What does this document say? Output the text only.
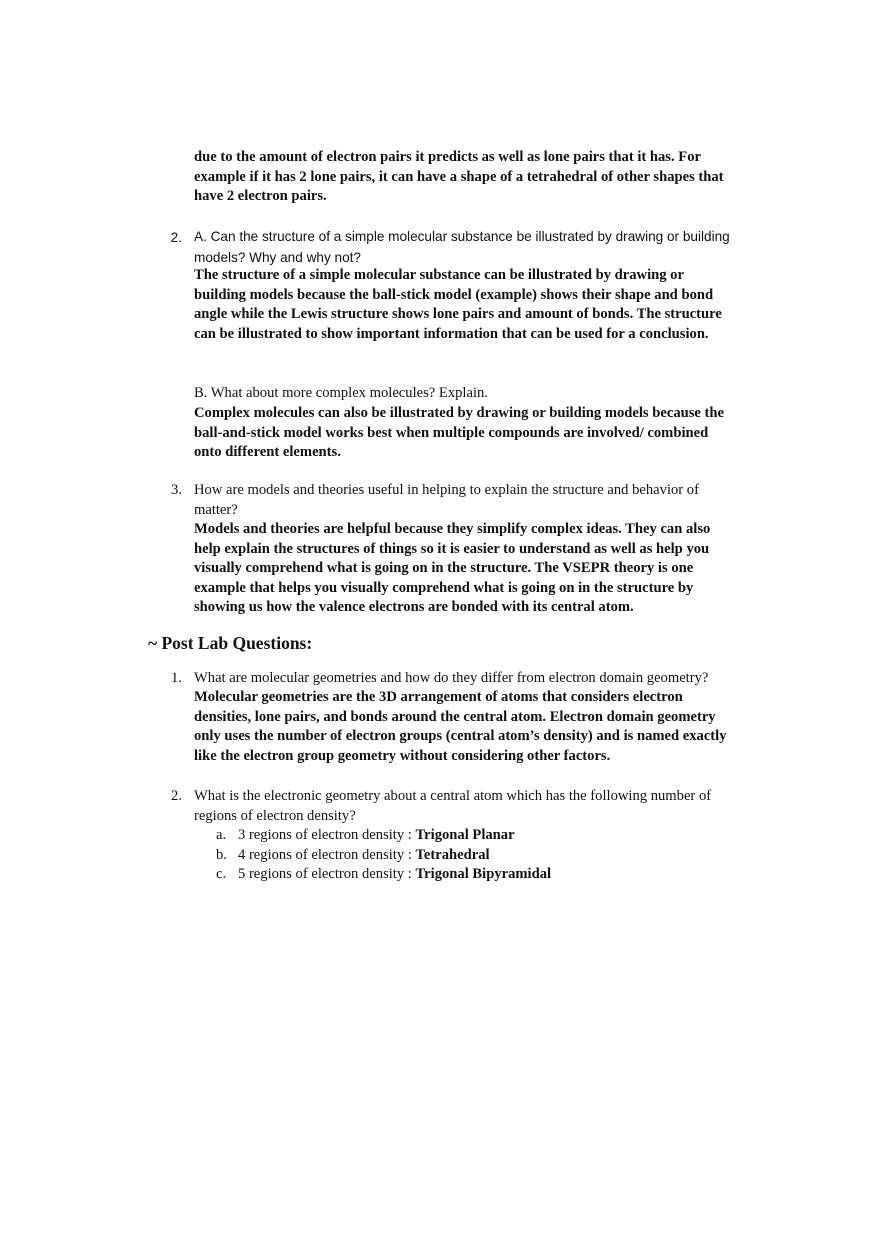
due to the amount of electron pairs it predicts as well as lone pairs that it has. For example if it has 2 lone pairs, it can have a shape of a tetrahedral of other shapes that have 2 electron pairs.

2. A. Can the structure of a simple molecular substance be illustrated by drawing or building models? Why and why not?

The structure of a simple molecular substance can be illustrated by drawing or building models because the ball-stick model (example) shows their shape and bond angle while the Lewis structure shows lone pairs and amount of bonds. The structure can be illustrated to show important information that can be used for a conclusion.

B. What about more complex molecules? Explain.

Complex molecules can also be illustrated by drawing or building models because the ball-and-stick model works best when multiple compounds are involved/ combined onto different elements.

3. How are models and theories useful in helping to explain the structure and behavior of matter?

Models and theories are helpful because they simplify complex ideas. They can also help explain the structures of things so it is easier to understand as well as help you visually comprehend what is going on in the structure. The VSEPR theory is one example that helps you visually comprehend what is going on in the structure by showing us how the valence electrons are bonded with its central atom.

~ Post Lab Questions:
1. What are molecular geometries and how do they differ from electron domain geometry?

Molecular geometries are the 3D arrangement of atoms that considers electron densities, lone pairs, and bonds around the central atom. Electron domain geometry only uses the number of electron groups (central atom’s density) and is named exactly like the electron group geometry without considering other factors.

2. What is the electronic geometry about a central atom which has the following number of regions of electron density?

a. 3 regions of electron density : Trigonal Planar
b. 4 regions of electron density : Tetrahedral
c. 5 regions of electron density : Trigonal Bipyramidal
